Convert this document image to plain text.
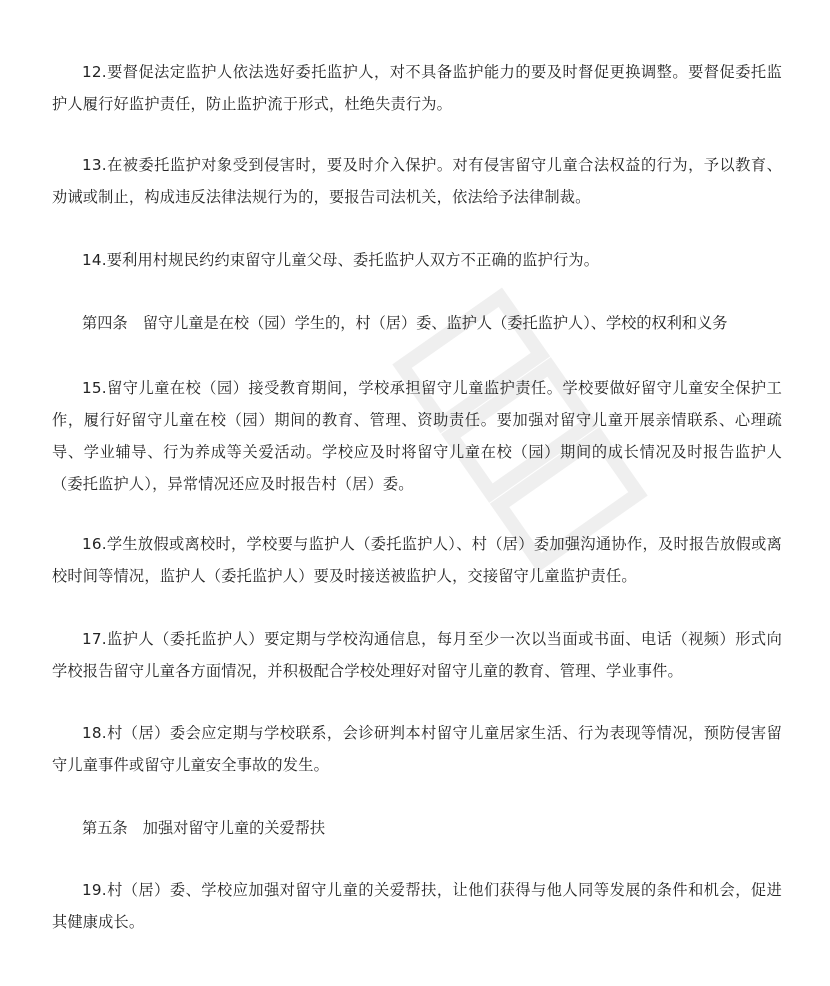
12.要督促法定监护人依法选好委托监护人，对不具备监护能力的要及时督促更换调整。要督促委托监护人履行好监护责任，防止监护流于形式，杜绝失责行为。

13.在被委托监护对象受到侵害时，要及时介入保护。对有侵害留守儿童合法权益的行为，予以教育、劝诫或制止，构成违反法律法规行为的，要报告司法机关，依法给予法律制裁。

14.要利用村规民约约束留守儿童父母、委托监护人双方不正确的监护行为。

第四条　留守儿童是在校（园）学生的，村（居）委、监护人（委托监护人）、学校的权利和义务

15.留守儿童在校（园）接受教育期间，学校承担留守儿童监护责任。学校要做好留守儿童安全保护工作，履行好留守儿童在校（园）期间的教育、管理、资助责任。要加强对留守儿童开展亲情联系、心理疏导、学业辅导、行为养成等关爱活动。学校应及时将留守儿童在校（园）期间的成长情况及时报告监护人（委托监护人），异常情况还应及时报告村（居）委。

16.学生放假或离校时，学校要与监护人（委托监护人）、村（居）委加强沟通协作，及时报告放假或离校时间等情况，监护人（委托监护人）要及时接送被监护人，交接留守儿童监护责任。

17.监护人（委托监护人）要定期与学校沟通信息，每月至少一次以当面或书面、电话（视频）形式向学校报告留守儿童各方面情况，并积极配合学校处理好对留守儿童的教育、管理、学业事件。

18.村（居）委会应定期与学校联系，会诊研判本村留守儿童居家生活、行为表现等情况，预防侵害留守儿童事件或留守儿童安全事故的发生。

第五条　加强对留守儿童的关爱帮扶

19.村（居）委、学校应加强对留守儿童的关爱帮扶，让他们获得与他人同等发展的条件和机会，促进其健康成长。
